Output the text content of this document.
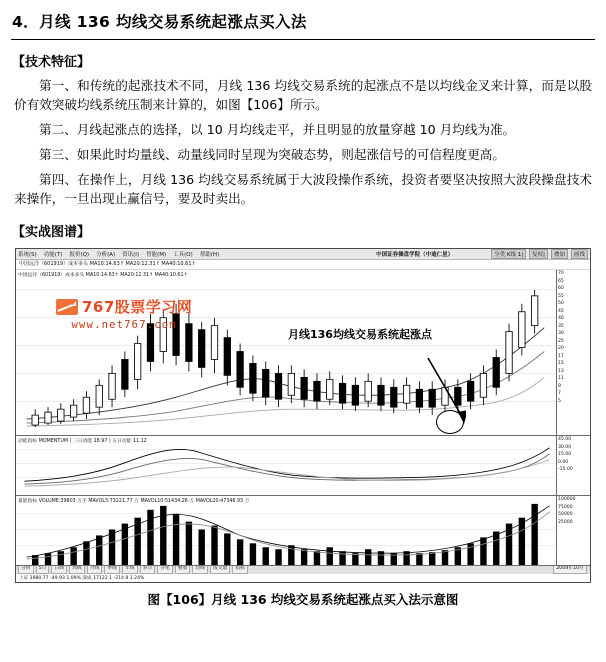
4．月线 136 均线交易系统起涨点买入法
【技术特征】
第一、和传统的起涨技术不同，月线 136 均线交易系统的起涨点不是以均线金叉来计算，而是以股价有效突破均线系统压制来计算的，如图【106】所示。
第二、月线起涨点的选择，以 10 月均线走平，并且明显的放量穿越 10 月均线为准。
第三、如果此时均量线、动量线同时呈现为突破态势，则起涨信号的可信程度更高。
第四、在操作上，月线 136 均线交易系统属于大波段操作系统，投资者要坚决按照大波段操盘技术来操作，一旦出现止赢信号，要及时卖出。
【实战图谱】
系统(S) 功能(T) 报价(Q) 分析(A) 资讯(I) 智能(M) 工具(O) 帮助(H)	中国证券操盘学院（中迪仁星）	分类 K线 1|	复权|	叠加	画线
中国远洋（601919）成本多头 MA10:14.63↑ MA20:12.31↑ MA40:10.61↑
中国远洋（601919）成本多头 MA10:14.63↑ MA20:12.31↑ MA40:10.61↑	70
65
60
55
50
45
40
35
30
25
20
17
15
13
11
9
7
5
767股票学习网
www.net767.com
月线136均线交易系统起涨点
动能指标 MOMENTUM ( 三日动能 18.97 ) 五日动能 11.12	45.00
30.00
15.00
0.00
-15.00
量能指标 VOLUME:39803 万手 MAVOL5:73221.77 万 MAVOL10:51434.26 万 MAVOL20:47348.93 万	100000
75000
50000
25000
分时	5日	日线	周线	月线	季线	年线	多日	分笔	叠加	均线	成交量	指标	2009年10月
上证 3980.77 -49.93 1.09% 深成 17122.1 -214.8 1.24%
图【106】月线 136 均线交易系统起涨点买入法示意图
